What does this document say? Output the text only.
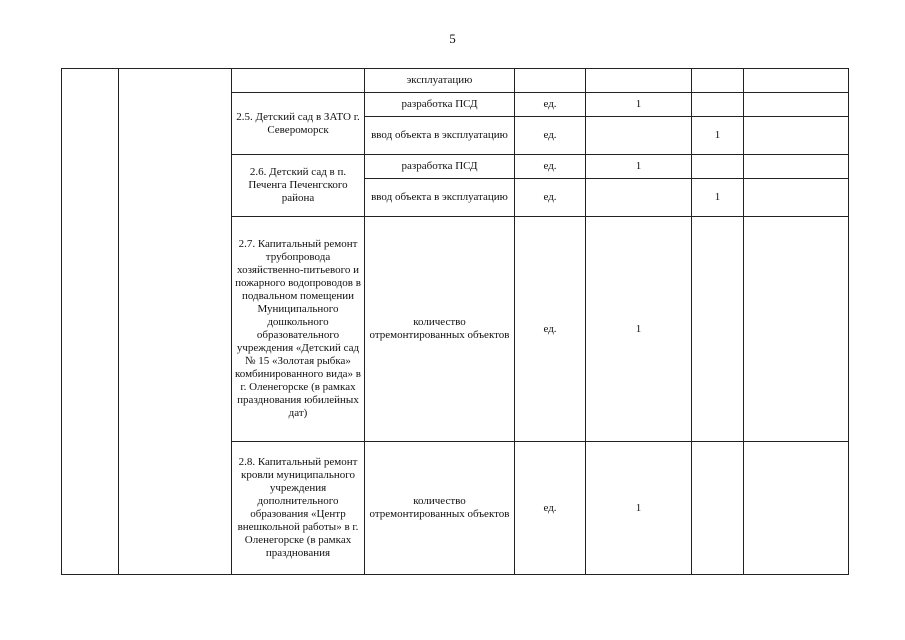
5
			эксплуатацию				
		2.5. Детский сад в ЗАТО г. Североморск	разработка ПСД	ед.	1		
			ввод объекта в эксплуатацию	ед.		1	
		2.6. Детский сад в п. Печенга Печенгского района	разработка ПСД	ед.	1		
			ввод объекта в эксплуатацию	ед.		1	
		2.7. Капитальный ремонт трубопровода хозяйственно-питьевого и пожарного водопроводов в подвальном помещении Муниципального дошкольного образовательного учреждения «Детский сад № 15 «Золотая рыбка» комбинированного вида» в г. Оленегорске (в рамках празднования юбилейных дат)	количество отремонтированных объектов	ед.	1		
		2.8. Капитальный ремонт кровли муниципального учреждения дополнительного образования «Центр внешкольной работы» в г. Оленегорске (в рамках празднования	количество отремонтированных объектов	ед.	1		
